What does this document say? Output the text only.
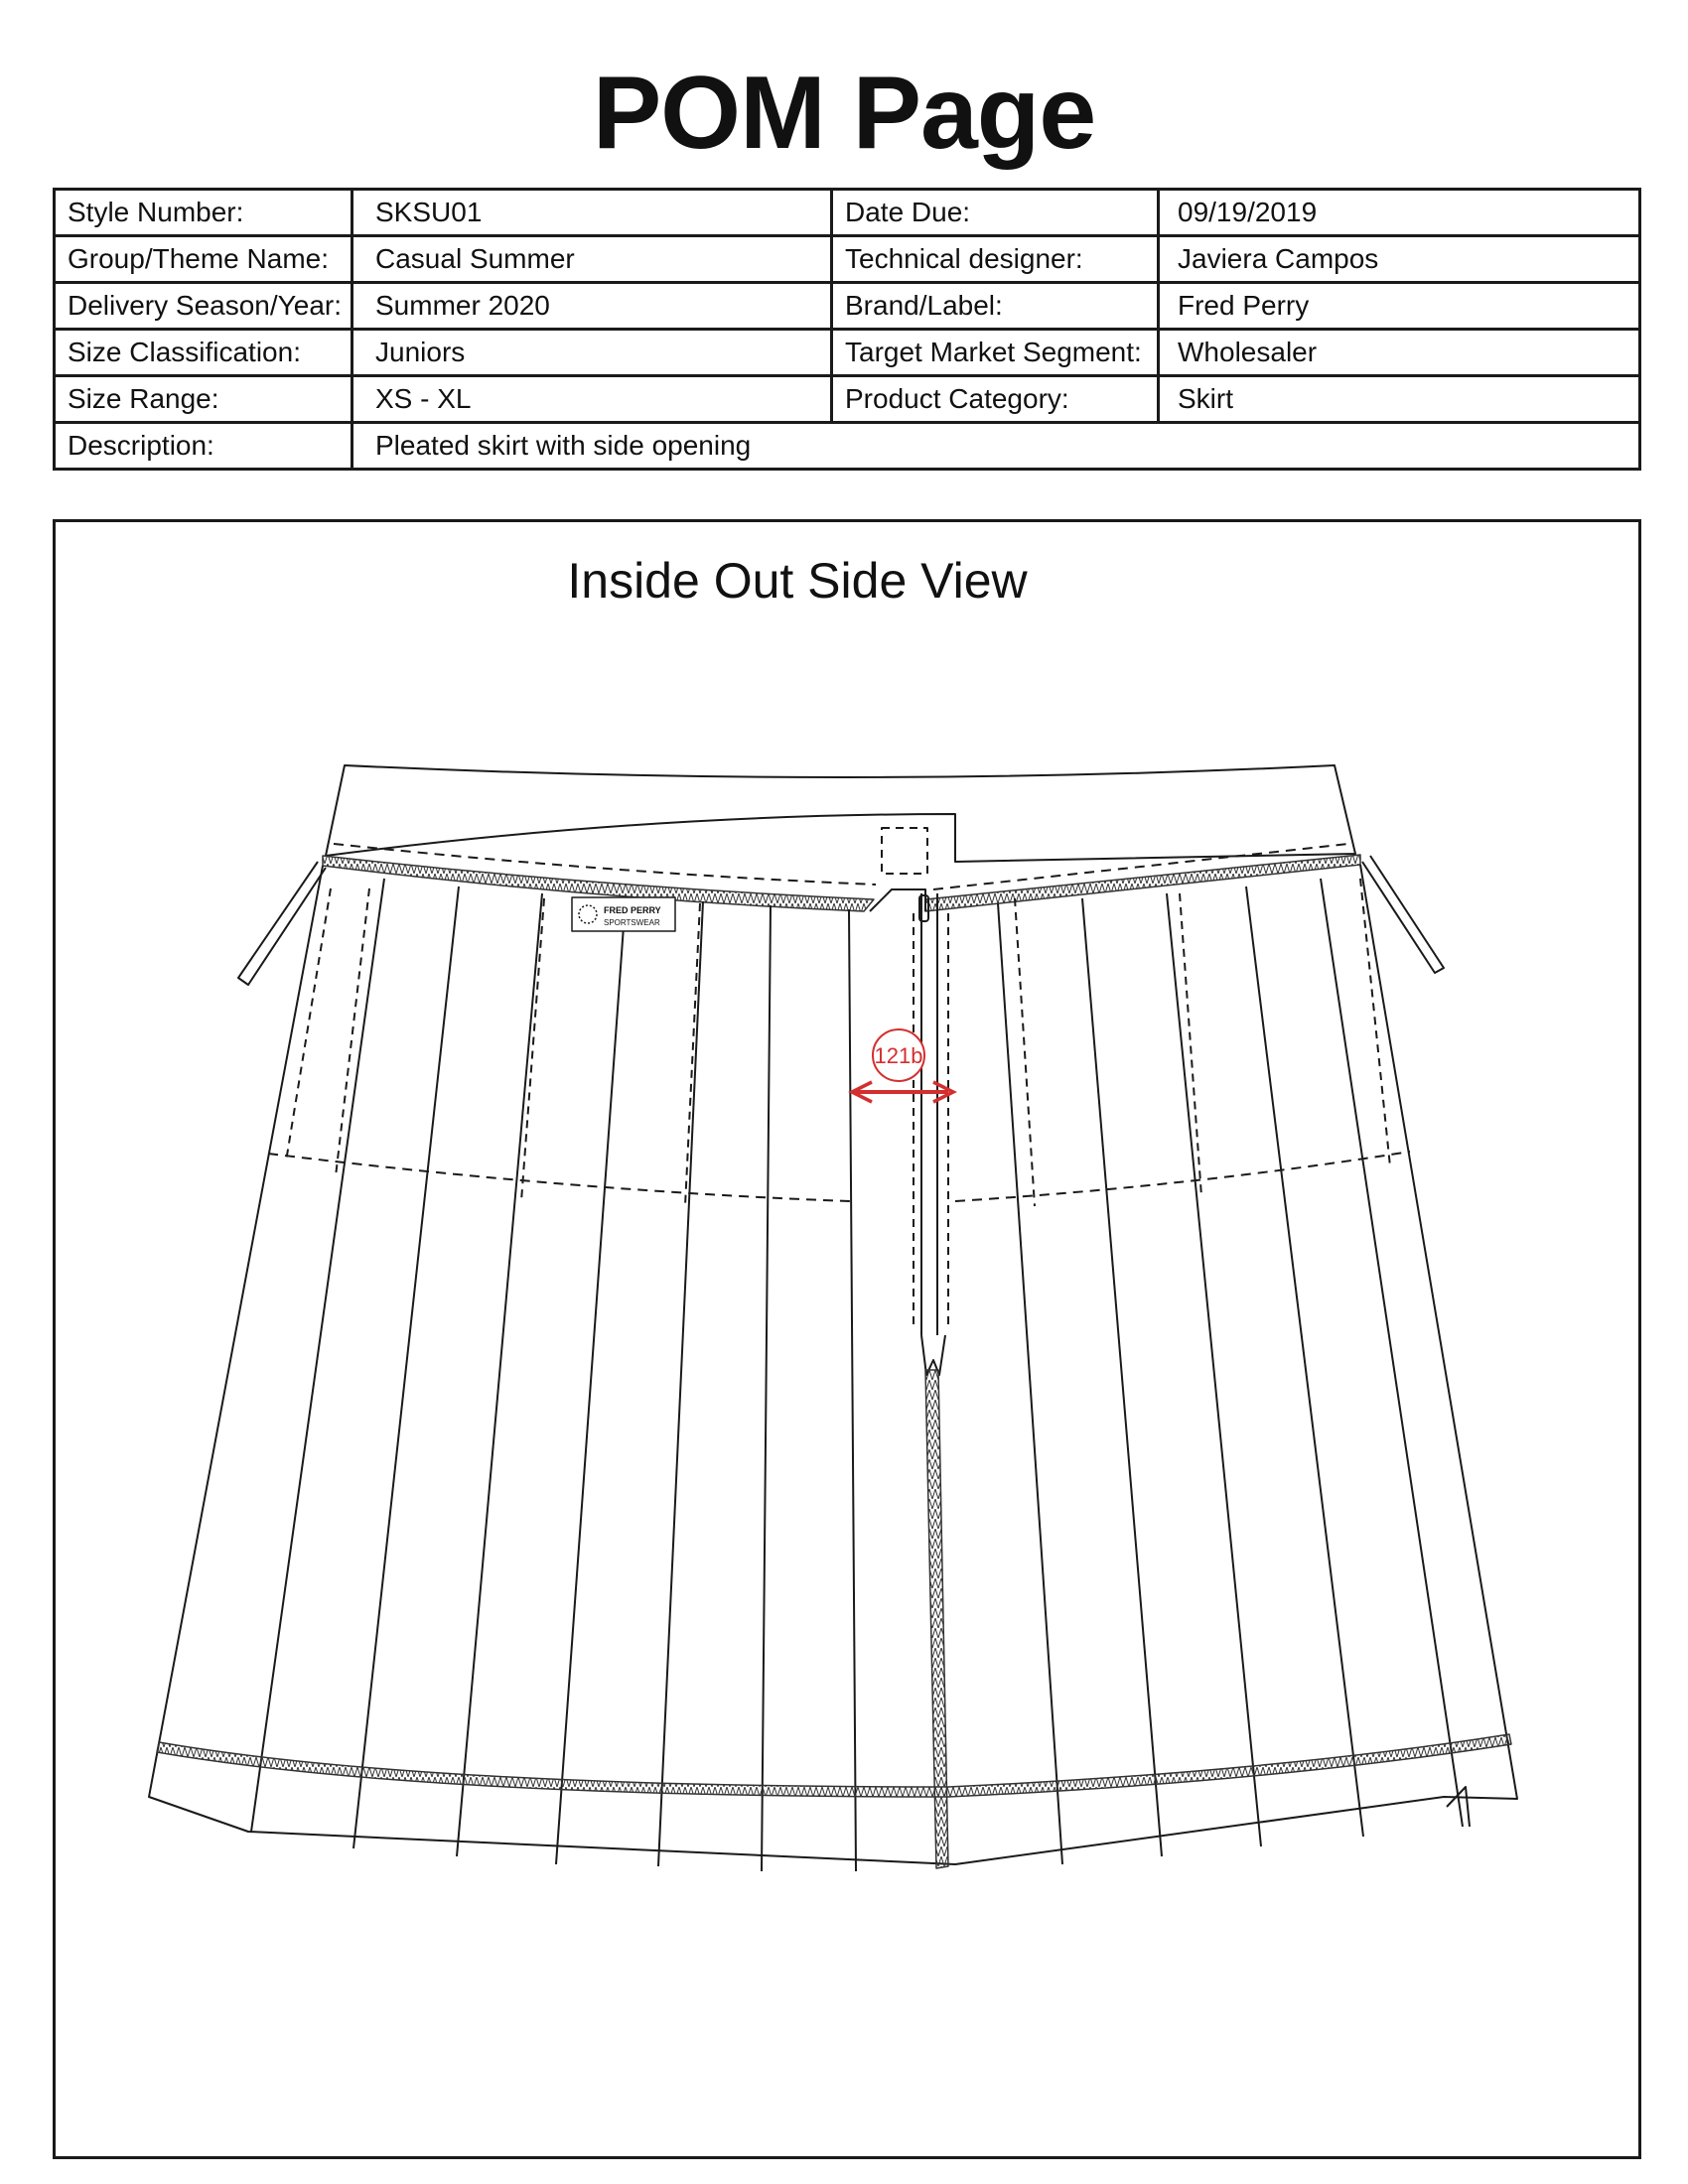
POM Page
Style Number:	SKSU01	Date Due:	09/19/2019
Group/Theme Name:	Casual Summer	Technical designer:	Javiera Campos
Delivery Season/Year:	Summer 2020	Brand/Label:	Fred Perry
Size Classification:	Juniors	Target Market Segment:	Wholesaler
Size Range:	XS - XL	Product Category:	Skirt
Description:	Pleated skirt with side opening		
Inside Out Side View
FRED PERRY
SPORTSWEAR
121b
